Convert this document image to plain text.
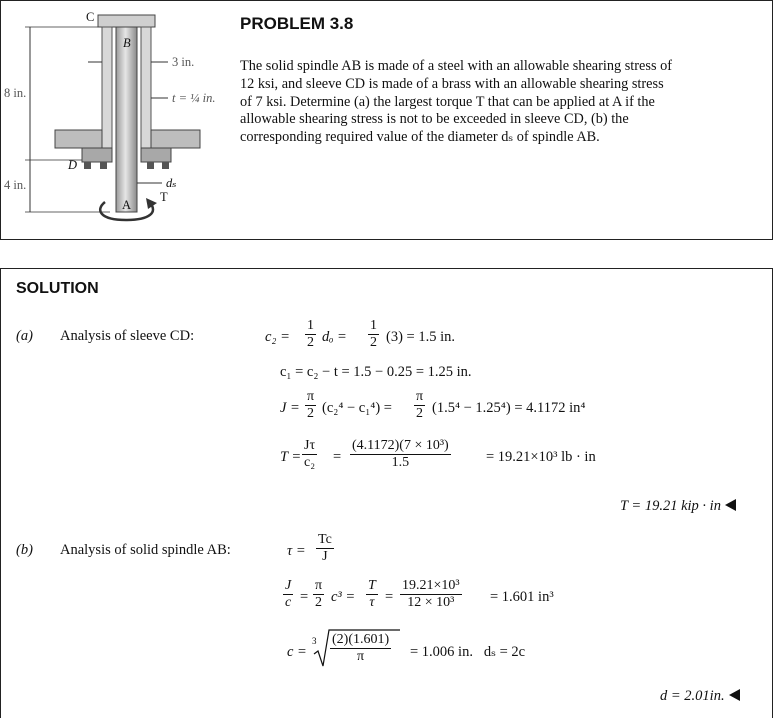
C
B
D
A
T
8 in.
4 in.
3 in.
t = ¼ in.
dₛ
PROBLEM 3.8
The solid spindle AB is made of a steel with an allowable shearing stress of
12 ksi, and sleeve CD is made of a brass with an allowable shearing stress
of 7 ksi. Determine (a) the largest torque T that can be applied at A if the
allowable shearing stress is not to be exceeded in sleeve CD, (b) the
corresponding required value of the diameter dₛ of spindle AB.
SOLUTION
(a) Analysis of sleeve CD:	$c_2 = \frac{1}{2}$ $d_o = \frac{1}{2} (3) = 1.5$ in.
c₁ = c₂ − t = 1.5 − 0.25 = 1.25 in.
$J = \frac{\pi}{2} (c_2^4 - c_1^4) = \frac{\pi}{2} (1.5^4 - 1.25^4) = 4.1172$ in⁴
$T = \frac{J\tau}{\text{c₂}} = \frac{\text{(4.1172)(7 × 10³)}}{1.5} = 19.21\times 10^3$ lb · in
T = 19.21 kip · in
(b) Analysis of solid spindle AB:	$\tau = \frac{Tc}{J}$
$\frac{J}{c} = \frac{\pi}{2} c^3 = \frac{T}{\tau} = \frac{\text{19.21×10³}}{\text{12 × 10³}} = 1.601$ in³
c =
$3 \frac{(2)(1.601)}{\pi} = 1.006$ in.   dₛ = 2c
d = 2.01in.
